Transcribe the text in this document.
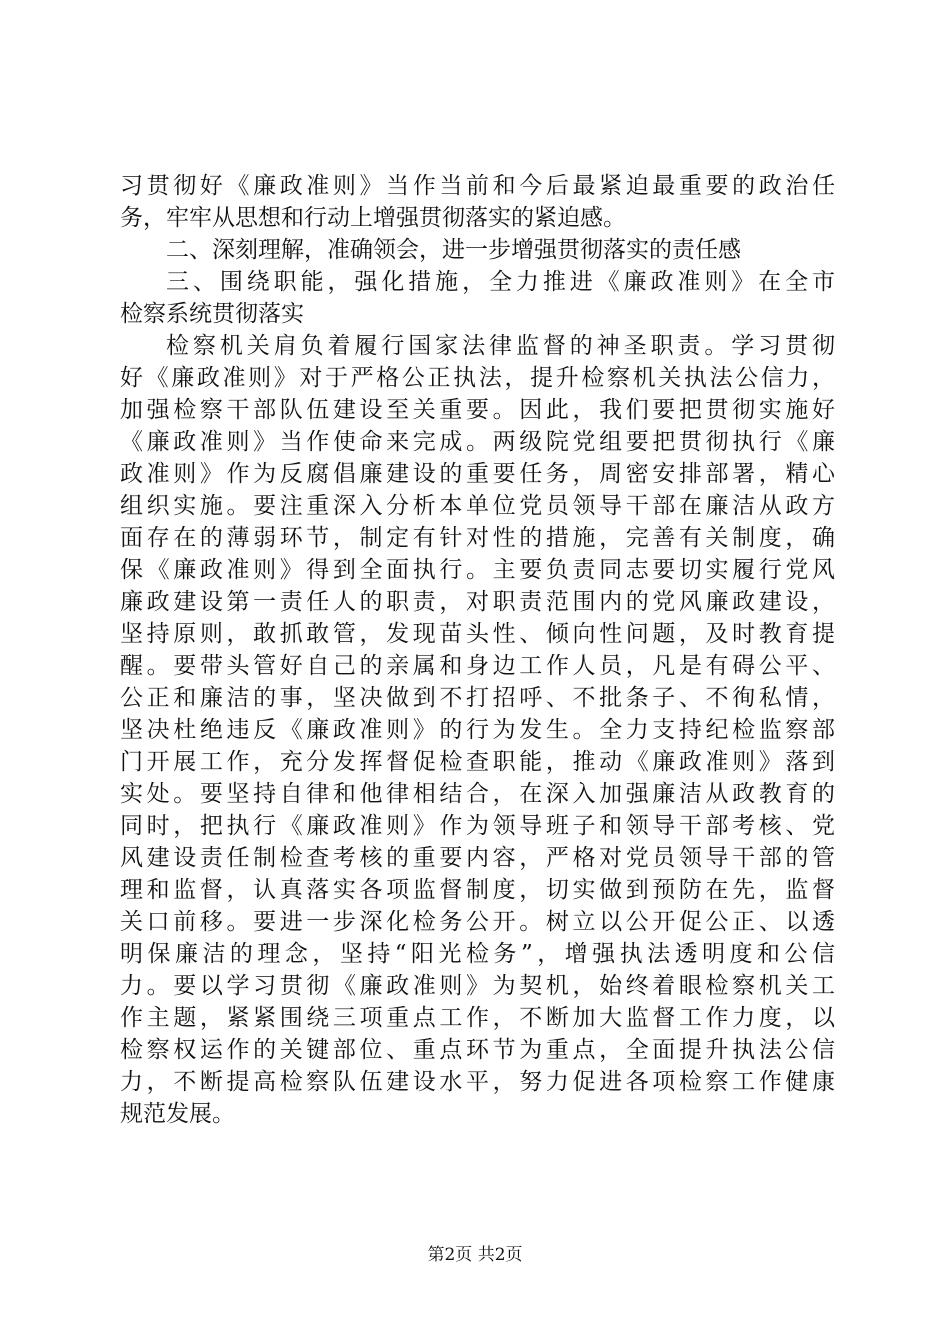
习贯彻好《廉政准则》当作当前和今后最紧迫最重要的政治任
务，牢牢从思想和行动上增强贯彻落实的紧迫感。
二、深刻理解，准确领会，进一步增强贯彻落实的责任感
三、围绕职能，强化措施，全力推进《廉政准则》在全市
检察系统贯彻落实
检察机关肩负着履行国家法律监督的神圣职责。学习贯彻
好《廉政准则》对于严格公正执法，提升检察机关执法公信力，
加强检察干部队伍建设至关重要。因此，我们要把贯彻实施好
《廉政准则》当作使命来完成。两级院党组要把贯彻执行《廉
政准则》作为反腐倡廉建设的重要任务，周密安排部署，精心
组织实施。要注重深入分析本单位党员领导干部在廉洁从政方
面存在的薄弱环节，制定有针对性的措施，完善有关制度，确
保《廉政准则》得到全面执行。主要负责同志要切实履行党风
廉政建设第一责任人的职责，对职责范围内的党风廉政建设，
坚持原则，敢抓敢管，发现苗头性、倾向性问题，及时教育提
醒。要带头管好自己的亲属和身边工作人员，凡是有碍公平、
公正和廉洁的事，坚决做到不打招呼、不批条子、不徇私情，
坚决杜绝违反《廉政准则》的行为发生。全力支持纪检监察部
门开展工作，充分发挥督促检查职能，推动《廉政准则》落到
实处。要坚持自律和他律相结合，在深入加强廉洁从政教育的
同时，把执行《廉政准则》作为领导班子和领导干部考核、党
风建设责任制检查考核的重要内容，严格对党员领导干部的管
理和监督，认真落实各项监督制度，切实做到预防在先，监督
关口前移。要进一步深化检务公开。树立以公开促公正、以透
明保廉洁的理念，坚持“阳光检务”，增强执法透明度和公信
力。要以学习贯彻《廉政准则》为契机，始终着眼检察机关工
作主题，紧紧围绕三项重点工作，不断加大监督工作力度，以
检察权运作的关键部位、重点环节为重点，全面提升执法公信
力，不断提高检察队伍建设水平，努力促进各项检察工作健康
规范发展。
第2页 共2页
